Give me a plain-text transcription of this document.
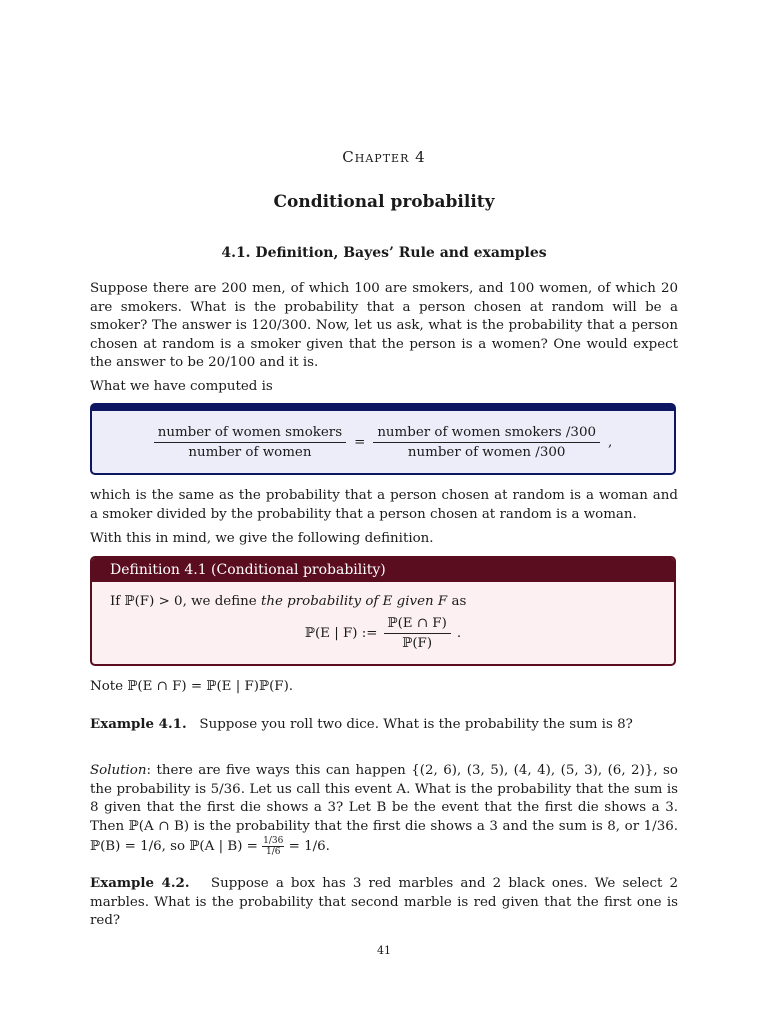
Chapter 4
Conditional probability
4.1. Definition, Bayes’ Rule and examples

Suppose there are 200 men, of which 100 are smokers, and 100 women, of which 20 are smokers. What is the probability that a person chosen at random will be a smoker? The answer is 120/300. Now, let us ask, what is the probability that a person chosen at random is a smoker given that the person is a women? One would expect the answer to be 20/100 and it is.

What we have computed is

$\frac{\text{number of women smokers}}{\text{number of women}} = \frac{\text{number of women smokers /300}}{\text{number of women /300}}$ ,

which is the same as the probability that a person chosen at random is a woman and a smoker divided by the probability that a person chosen at random is a woman.

With this in mind, we give the following definition.

Definition 4.1 (Conditional probability)
If ℙ(F) > 0, we define the probability of E given F as
ℙ(E | F) := $\frac{\text{ℙ(E ∩ F)}}{\text{ℙ(F)}}$ .

Note ℙ(E ∩ F) = ℙ(E | F)ℙ(F).

Example 4.1. Suppose you roll two dice. What is the probability the sum is 8?

Solution: there are five ways this can happen {(2, 6), (3, 5), (4, 4), (5, 3), (6, 2)}, so the probability is 5/36. Let us call this event A. What is the probability that the sum is 8 given that the first die shows a 3? Let B be the event that the first die shows a 3. Then ℙ(A ∩ B) is the probability that the first die shows a 3 and the sum is 8, or 1/36. ℙ(B) = 1/6, so ℙ(A | $B) = \frac{1/36}{1/6} = 1/6$.

Example 4.2. Suppose a box has 3 red marbles and 2 black ones. We select 2 marbles. What is the probability that second marble is red given that the first one is red?

41
